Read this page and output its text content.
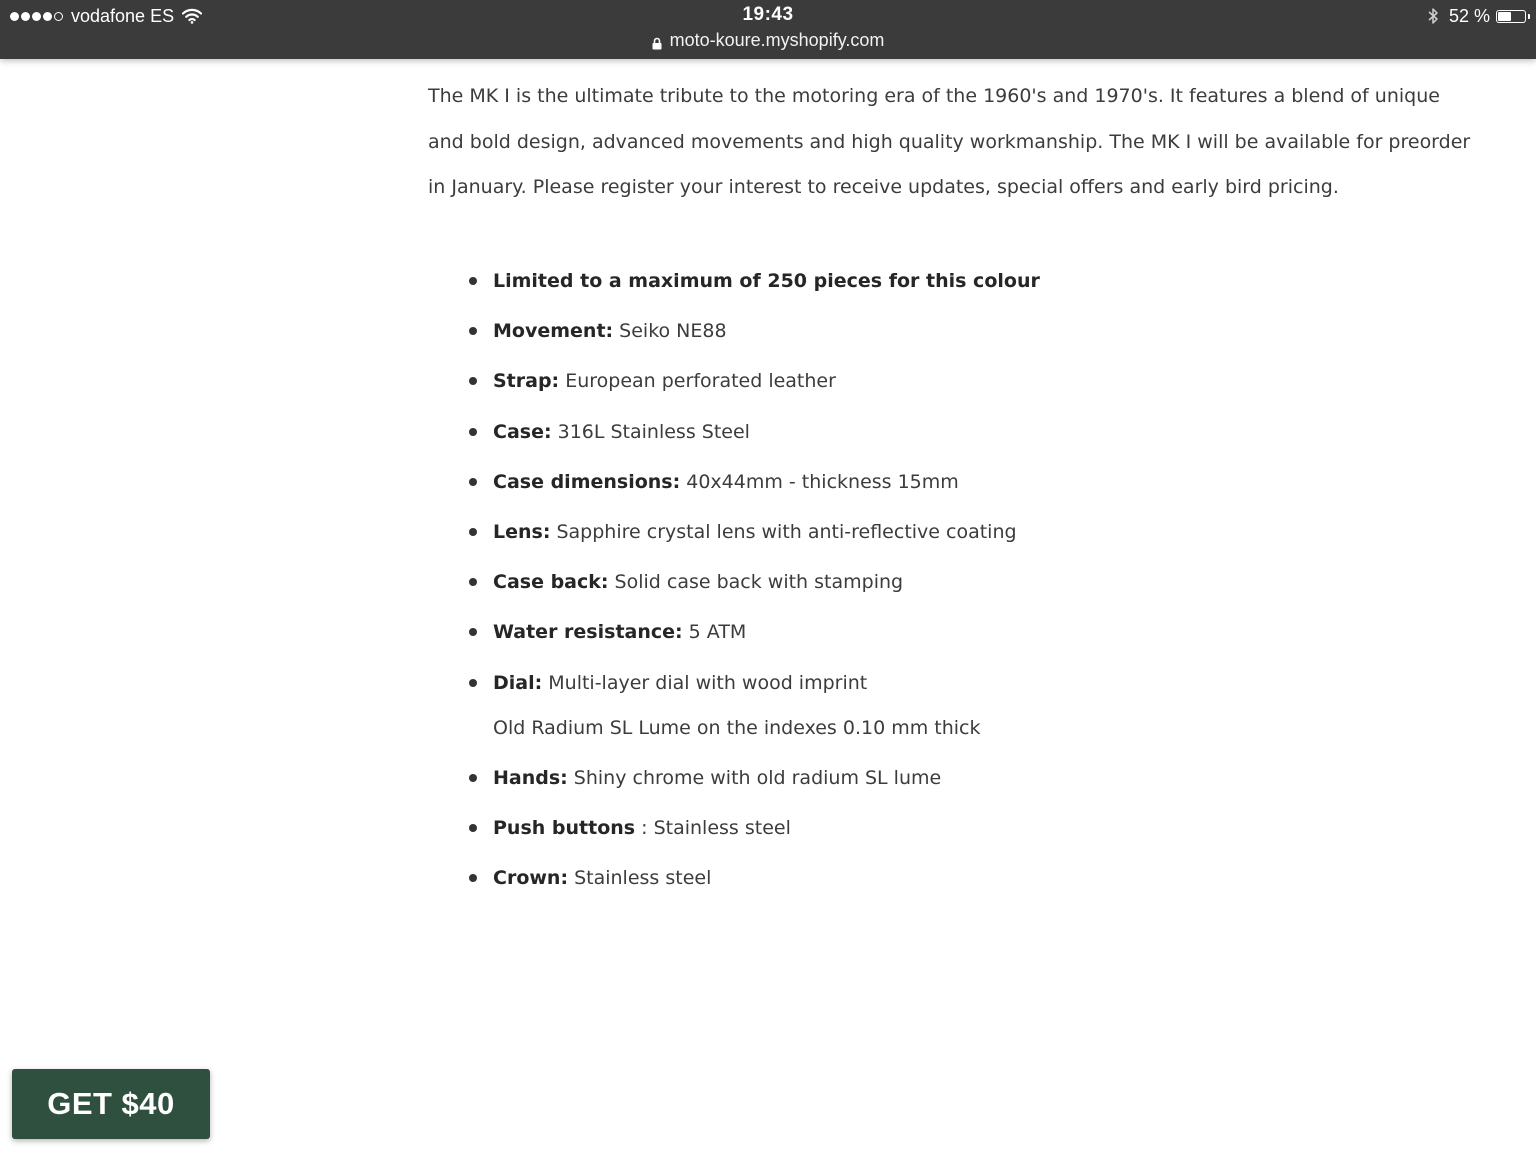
vodafone ES	19:43	52 %
moto-koure.myshopify.com

The MK I is the ultimate tribute to the motoring era of the 1960's and 1970's. It features a blend of unique and bold design, advanced movements and high quality workmanship. The MK I will be available for preorder in January. Please register your interest to receive updates, special offers and early bird pricing.

Limited to a maximum of 250 pieces for this colour
Movement: Seiko NE88
Strap: European perforated leather
Case: 316L Stainless Steel
Case dimensions: 40x44mm - thickness 15mm
Lens: Sapphire crystal lens with anti-reflective coating
Case back: Solid case back with stamping
Water resistance: 5 ATM
Dial: Multi-layer dial with wood imprint
Old Radium SL Lume on the indexes 0.10 mm thick
Hands: Shiny chrome with old radium SL lume
Push buttons : Stainless steel
Crown: Stainless steel
GET $40
